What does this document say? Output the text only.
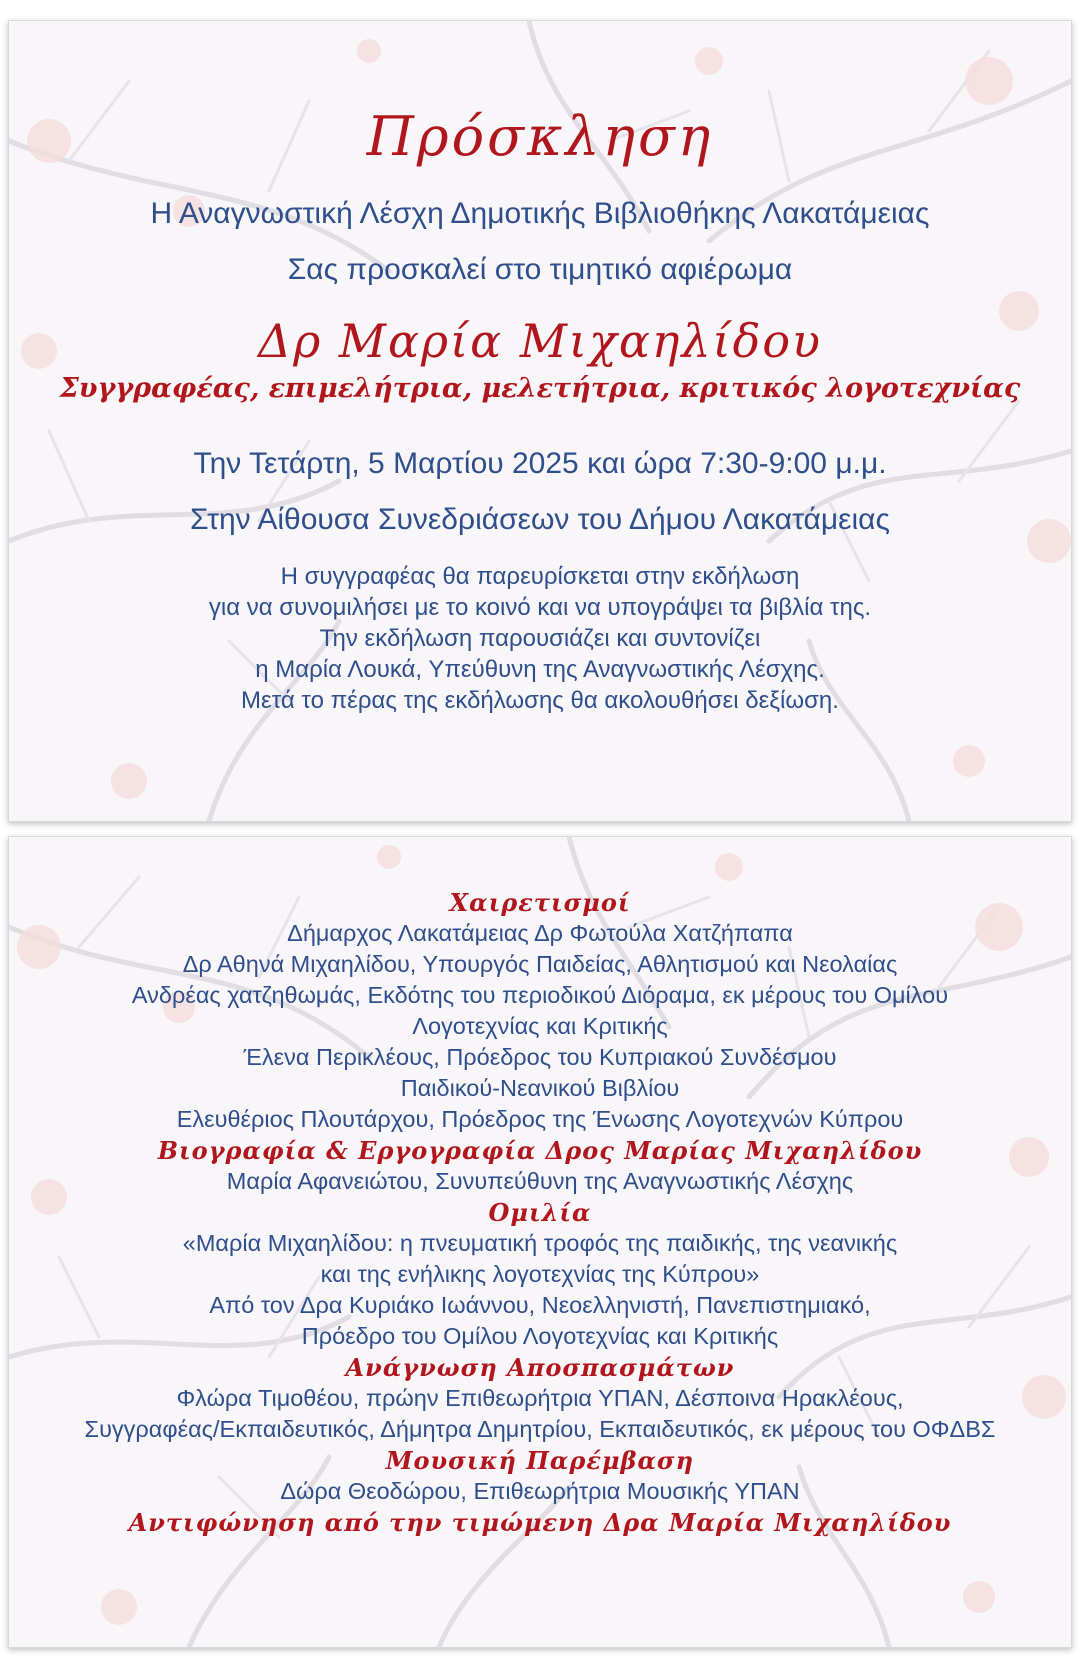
Πρόσκληση
Η Αναγνωστική Λέσχη Δημοτικής Βιβλιοθήκης Λακατάμειας
Σας προσκαλεί στο τιμητικό αφιέρωμα
Δρ Μαρία Μιχαηλίδου
Συγγραφέας, επιμελήτρια, μελετήτρια, κριτικός λογοτεχνίας
Την Τετάρτη, 5 Μαρτίου 2025 και ώρα 7:30-9:00 μ.μ.
Στην Αίθουσα Συνεδριάσεων του Δήμου Λακατάμειας
Η συγγραφέας θα παρευρίσκεται στην εκδήλωση
για να συνομιλήσει με το κοινό και να υπογράψει τα βιβλία της.
Την εκδήλωση παρουσιάζει και συντονίζει
η Μαρία Λουκά, Υπεύθυνη της Αναγνωστικής Λέσχης.
Μετά το πέρας της εκδήλωσης θα ακολουθήσει δεξίωση.
Χαιρετισμοί
Δήμαρχος Λακατάμειας Δρ Φωτούλα Χατζήπαπα
Δρ Αθηνά Μιχαηλίδου, Υπουργός Παιδείας, Αθλητισμού και Νεολαίας
Ανδρέας χατζηθωμάς, Εκδότης του περιοδικού Διόραμα, εκ μέρους του Ομίλου
Λογοτεχνίας και Κριτικής
Έλενα Περικλέους, Πρόεδρος του Κυπριακού Συνδέσμου
Παιδικού-Νεανικού Βιβλίου
Ελευθέριος Πλουτάρχου, Πρόεδρος της Ένωσης Λογοτεχνών Κύπρου
Βιογραφία & Εργογραφία Δρος Μαρίας Μιχαηλίδου
Μαρία Αφανειώτου, Συνυπεύθυνη της Αναγνωστικής Λέσχης
Ομιλία
«Μαρία Μιχαηλίδου: η πνευματική τροφός της παιδικής, της νεανικής
και της ενήλικης λογοτεχνίας της Κύπρου»
Από τον Δρα Κυριάκο Ιωάννου, Νεοελληνιστή, Πανεπιστημιακό,
Πρόεδρο του Ομίλου Λογοτεχνίας και Κριτικής
Ανάγνωση Αποσπασμάτων
Φλώρα Τιμοθέου, πρώην Επιθεωρήτρια ΥΠΑΝ, Δέσποινα Ηρακλέους,
Συγγραφέας/Εκπαιδευτικός, Δήμητρα Δημητρίου, Εκπαιδευτικός, εκ μέρους του ΟΦΔΒΣ
Μουσική Παρέμβαση
Δώρα Θεοδώρου, Επιθεωρήτρια Μουσικής ΥΠΑΝ
Αντιφώνηση από την τιμώμενη Δρα Μαρία Μιχαηλίδου
